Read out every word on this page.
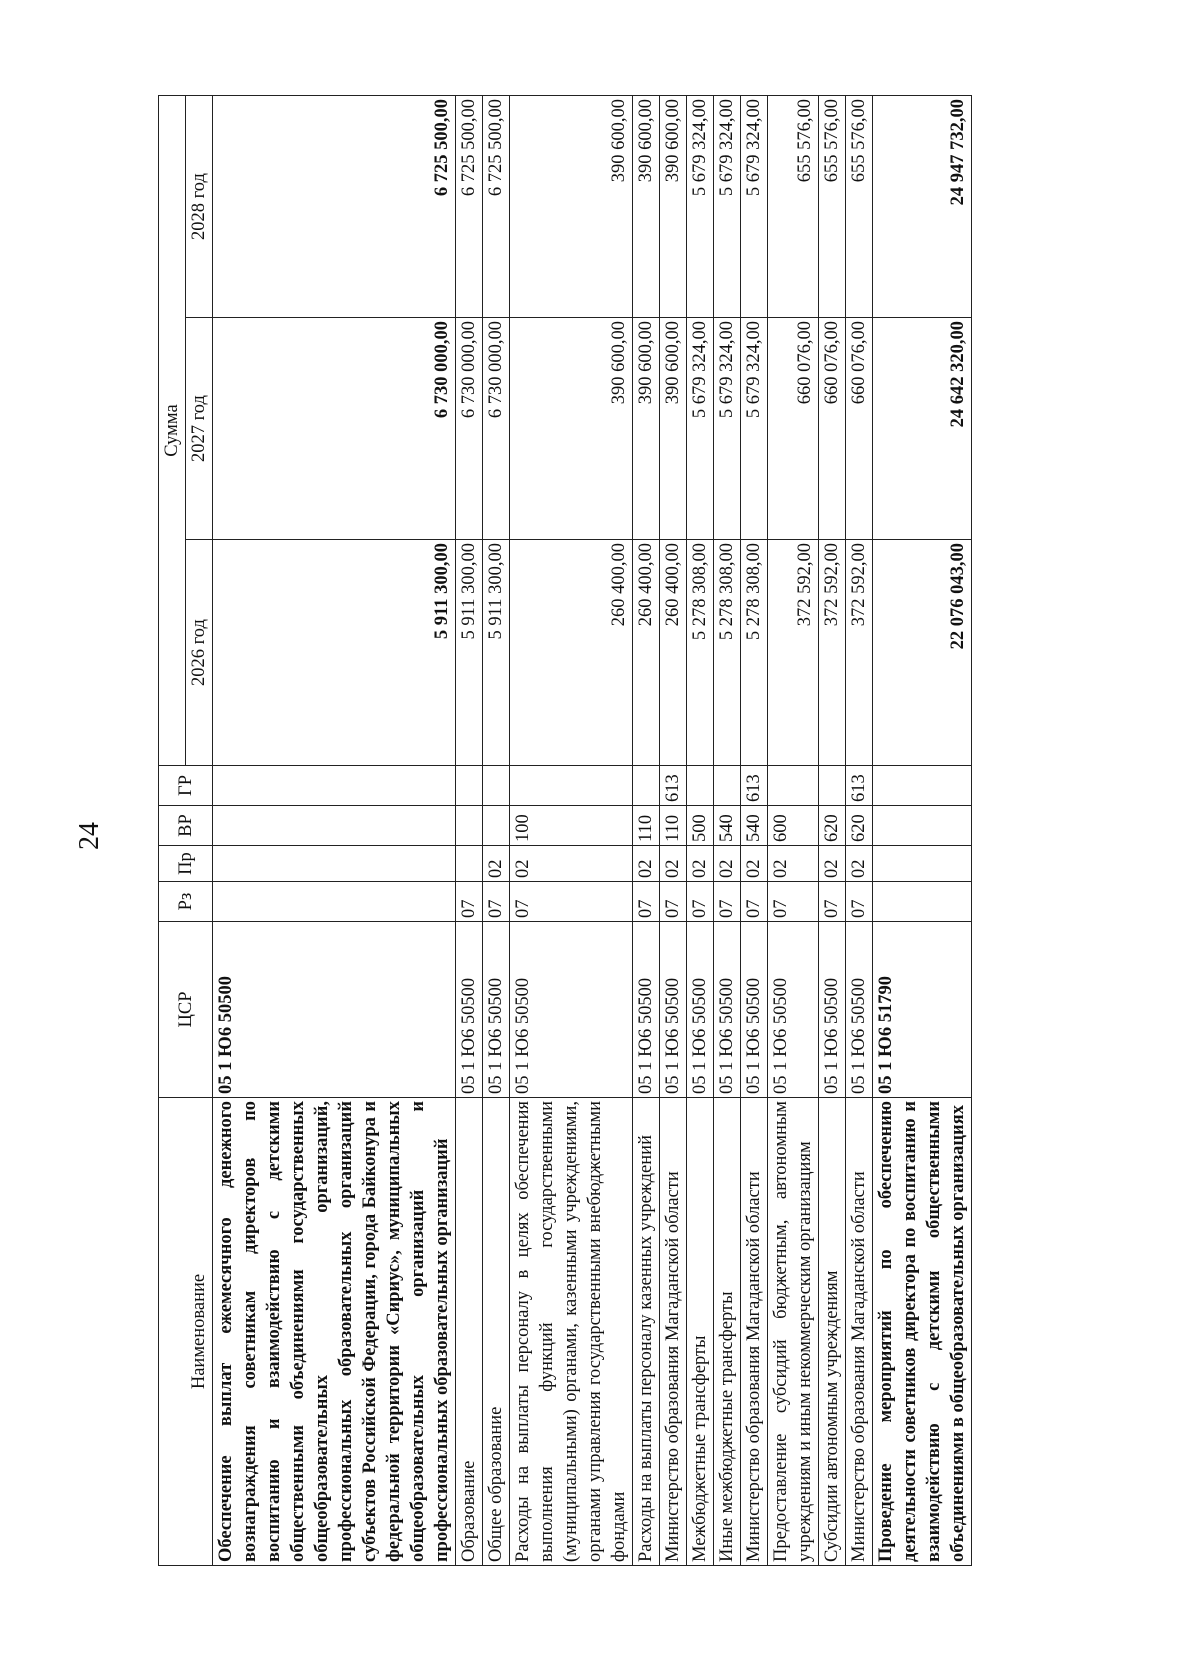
24
Наименование	ЦСР	Рз	Пр	ВР	ГР	Сумма		
						2026 год	2027 год	2028 год
Обеспечение выплат ежемесячного денежного вознаграждения советникам директоров по воспитанию и взаимодействию с детскими общественными объединениями государственных общеобразовательных организаций, профессиональных образовательных организаций субъектов Российской Федерации, города Байконура и федеральной территории «Сириус», муниципальных общеобразовательных организаций и профессиональных образовательных организаций	05 1 Ю6 50500					5 911 300,00	6 730 000,00	6 725 500,00
Образование	05 1 Ю6 50500	07				5 911 300,00	6 730 000,00	6 725 500,00
Общее образование	05 1 Ю6 50500	07	02			5 911 300,00	6 730 000,00	6 725 500,00
Расходы на выплаты персоналу в целях обеспечения выполнения функций государственными (муниципальными) органами, казенными учреждениями, органами управления государственными внебюджетными фондами	05 1 Ю6 50500	07	02	100		260 400,00	390 600,00	390 600,00
Расходы на выплаты персоналу казенных учреждений	05 1 Ю6 50500	07	02	110		260 400,00	390 600,00	390 600,00
Министерство образования Магаданской области	05 1 Ю6 50500	07	02	110	613	260 400,00	390 600,00	390 600,00
Межбюджетные трансферты	05 1 Ю6 50500	07	02	500		5 278 308,00	5 679 324,00	5 679 324,00
Иные межбюджетные трансферты	05 1 Ю6 50500	07	02	540		5 278 308,00	5 679 324,00	5 679 324,00
Министерство образования Магаданской области	05 1 Ю6 50500	07	02	540	613	5 278 308,00	5 679 324,00	5 679 324,00
Предоставление субсидий бюджетным, автономным учреждениям и иным некоммерческим организациям	05 1 Ю6 50500	07	02	600		372 592,00	660 076,00	655 576,00
Субсидии автономным учреждениям	05 1 Ю6 50500	07	02	620		372 592,00	660 076,00	655 576,00
Министерство образования Магаданской области	05 1 Ю6 50500	07	02	620	613	372 592,00	660 076,00	655 576,00
Проведение мероприятий по обеспечению деятельности советников директора по воспитанию и взаимодействию с детскими общественными объединениями в общеобразовательных организациях	05 1 Ю6 51790					22 076 043,00	24 642 320,00	24 947 732,00
